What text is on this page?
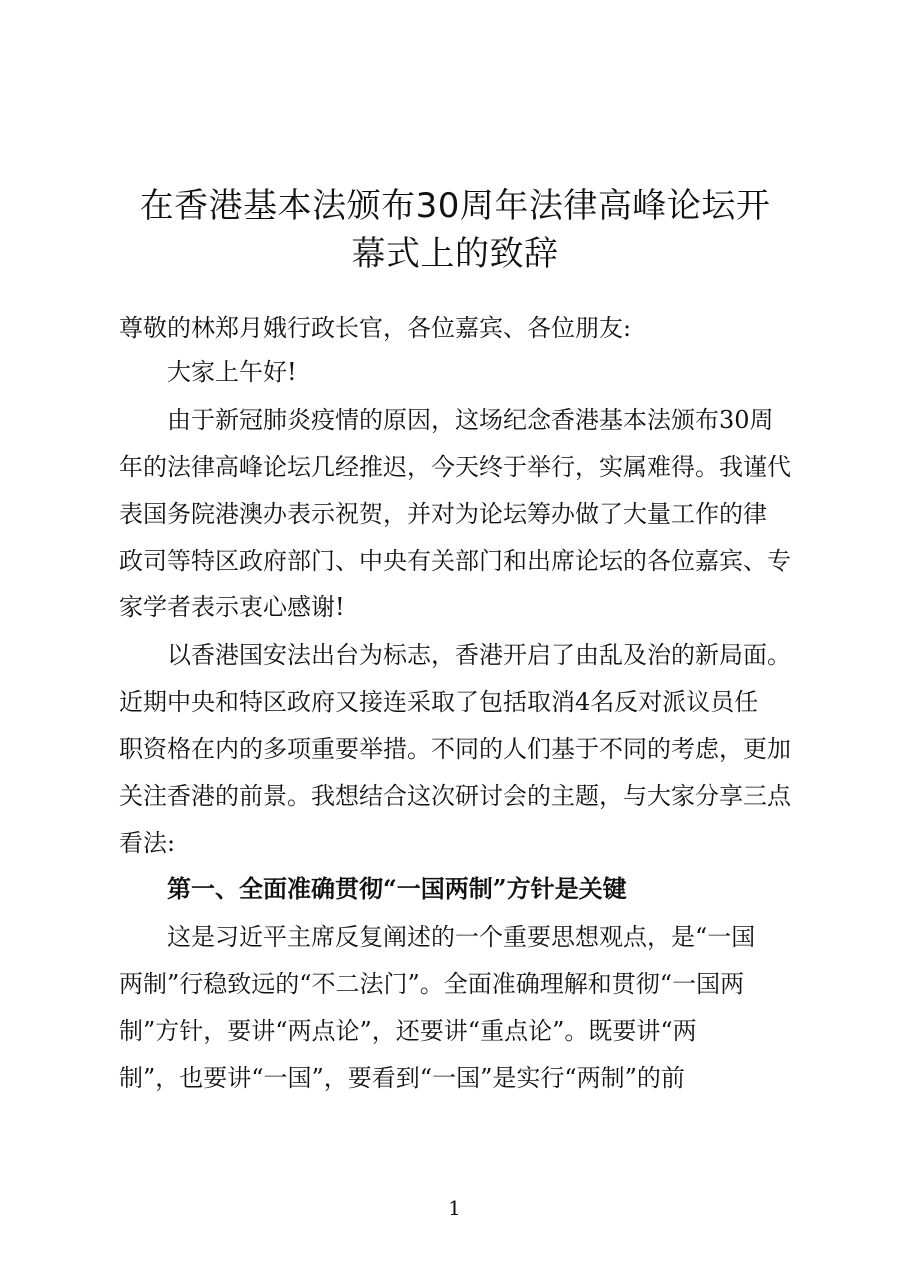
在香港基本法颁布30周年法律高峰论坛开
幕式上的致辞
尊敬的林郑月娥行政长官，各位嘉宾、各位朋友:
大家上午好!
由于新冠肺炎疫情的原因，这场纪念香港基本法颁布30周
年的法律高峰论坛几经推迟，今天终于举行，实属难得。我谨代
表国务院港澳办表示祝贺，并对为论坛筹办做了大量工作的律
政司等特区政府部门、中央有关部门和出席论坛的各位嘉宾、专
家学者表示衷心感谢!
以香港国安法出台为标志，香港开启了由乱及治的新局面。
近期中央和特区政府又接连采取了包括取消4名反对派议员任
职资格在内的多项重要举措。不同的人们基于不同的考虑，更加
关注香港的前景。我想结合这次研讨会的主题，与大家分享三点
看法:
第一、全面准确贯彻“一国两制”方针是关键
这是习近平主席反复阐述的一个重要思想观点，是“一国
两制”行稳致远的“不二法门”。全面准确理解和贯彻“一国两
制”方针，要讲“两点论”，还要讲“重点论”。既要讲“两
制”，也要讲“一国”，要看到“一国”是实行“两制”的前
1
